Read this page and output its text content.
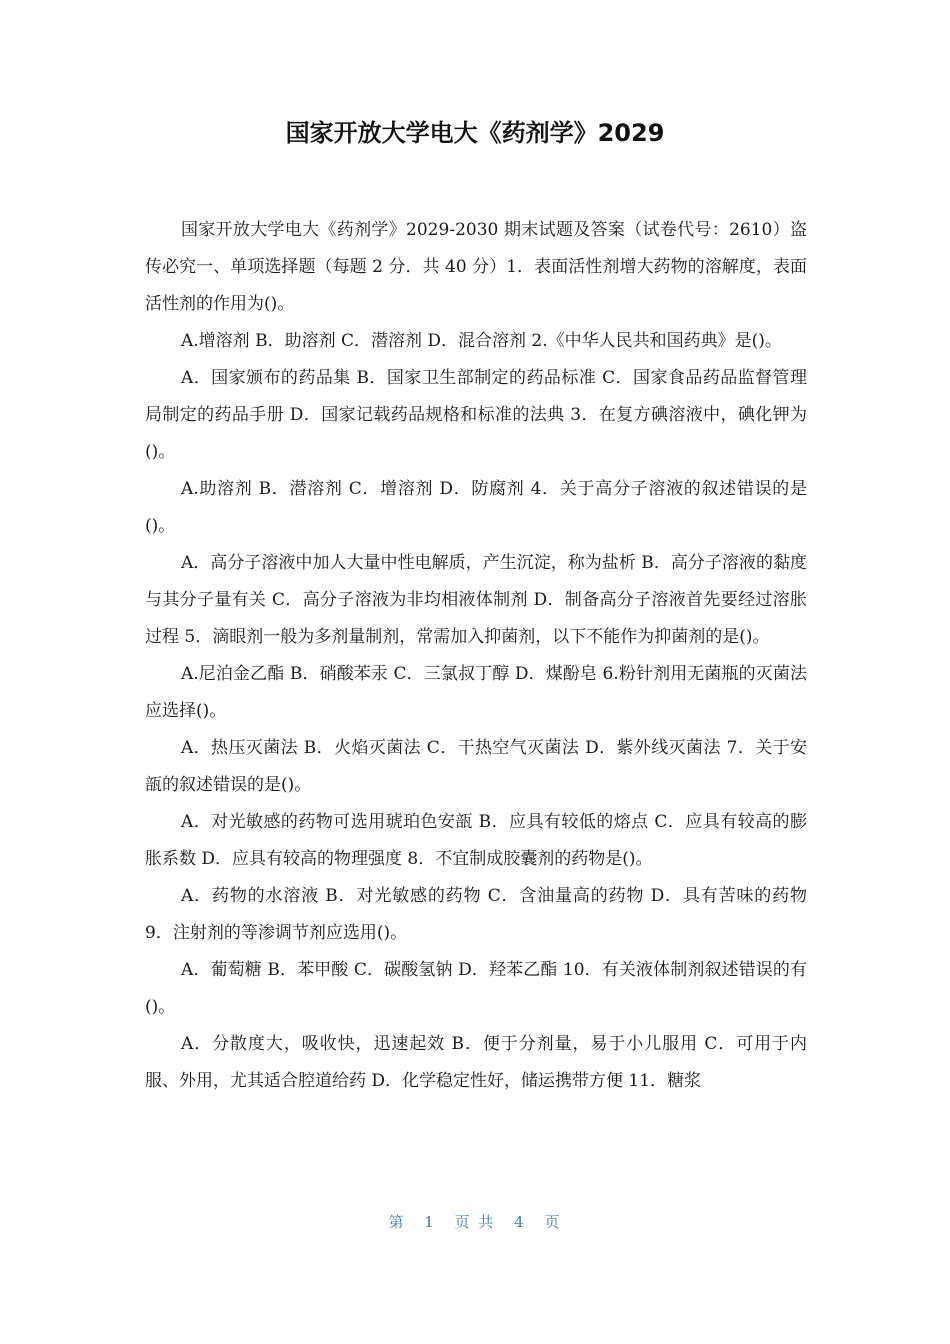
国家开放大学电大《药剂学》2029

国家开放大学电大《药剂学》2029-2030 期末试题及答案（试卷代号：2610）盗传必究一、单项选择题（每题 2 分．共 40 分）1．表面活性剂增大药物的溶解度，表面活性剂的作用为()。

A.增溶剂 B．助溶剂 C．潜溶剂 D．混合溶剂 2.《中华人民共和国药典》是()。

A．国家颁布的药品集 B．国家卫生部制定的药品标准 C．国家食品药品监督管理局制定的药品手册 D．国家记载药品规格和标准的法典 3．在复方碘溶液中，碘化钾为()。

A.助溶剂 B．潜溶剂 C．增溶剂 D．防腐剂 4．关于高分子溶液的叙述错误的是()。

A．高分子溶液中加人大量中性电解质，产生沉淀，称为盐析 B．高分子溶液的黏度与其分子量有关 C．高分子溶液为非均相液体制剂 D．制备高分子溶液首先要经过溶胀过程 5．滴眼剂一般为多剂量制剂，常需加入抑菌剂，以下不能作为抑菌剂的是()。

A.尼泊金乙酯 B．硝酸苯汞 C．三氯叔丁醇 D．煤酚皂 6.粉针剂用无菌瓶的灭菌法应选择()。

A．热压灭菌法 B．火焰灭菌法 C．干热空气灭菌法 D．紫外线灭菌法 7．关于安瓿的叙述错误的是()。

A．对光敏感的药物可选用琥珀色安瓿 B．应具有较低的熔点 C．应具有较高的膨胀系数 D．应具有较高的物理强度 8．不宜制成胶囊剂的药物是()。

A．药物的水溶液 B．对光敏感的药物 C．含油量高的药物 D．具有苦味的药物 9．注射剂的等渗调节剂应选用()。

A．葡萄糖 B．苯甲酸 C．碳酸氢钠 D．羟苯乙酯 10．有关液体制剂叙述错误的有()。

A．分散度大，吸收快，迅速起效 B．便于分剂量，易于小儿服用 C．可用于内服、外用，尤其适合腔道给药 D．化学稳定性好，储运携带方便 11．糖浆

第 1 页 共 4 页
